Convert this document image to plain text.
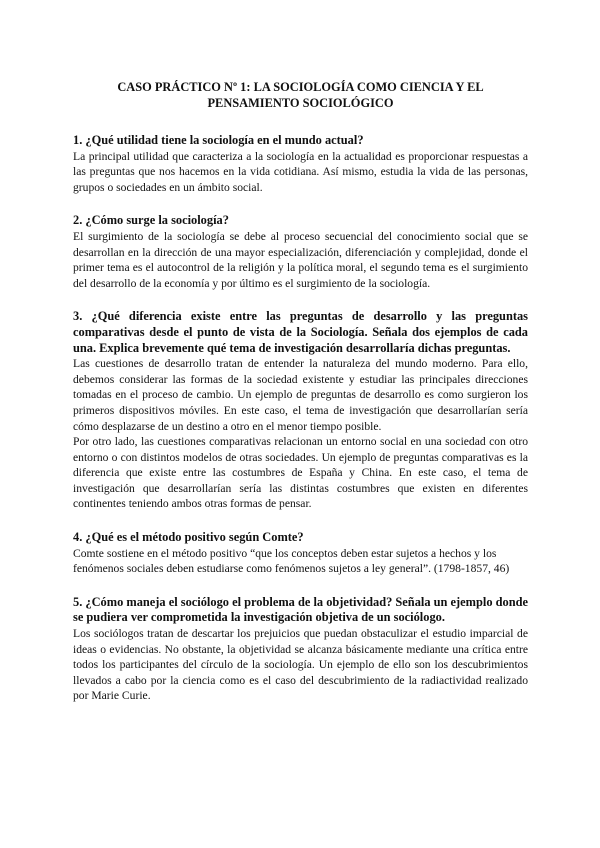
CASO PRÁCTICO Nº 1: LA SOCIOLOGÍA COMO CIENCIA Y EL PENSAMIENTO SOCIOLÓGICO

1. ¿Qué utilidad tiene la sociología en el mundo actual?

La principal utilidad que caracteriza a la sociología en la actualidad es proporcionar respuestas a las preguntas que nos hacemos en la vida cotidiana. Así mismo, estudia la vida de las personas, grupos o sociedades en un ámbito social.

2. ¿Cómo surge la sociología?

El surgimiento de la sociología se debe al proceso secuencial del conocimiento social que se desarrollan en la dirección de una mayor especialización, diferenciación y complejidad, donde el primer tema es el autocontrol de la religión y la política moral, el segundo tema es el surgimiento del desarrollo de la economía y por último es el surgimiento de la sociología.

3. ¿Qué diferencia existe entre las preguntas de desarrollo y las preguntas comparativas desde el punto de vista de la Sociología. Señala dos ejemplos de cada una. Explica brevemente qué tema de investigación desarrollaría dichas preguntas.

Las cuestiones de desarrollo tratan de entender la naturaleza del mundo moderno. Para ello, debemos considerar las formas de la sociedad existente y estudiar las principales direcciones tomadas en el proceso de cambio. Un ejemplo de preguntas de desarrollo es como surgieron los primeros dispositivos móviles. En este caso, el tema de investigación que desarrollarían sería cómo desplazarse de un destino a otro en el menor tiempo posible.

Por otro lado, las cuestiones comparativas relacionan un entorno social en una sociedad con otro entorno o con distintos modelos de otras sociedades. Un ejemplo de preguntas comparativas es la diferencia que existe entre las costumbres de España y China. En este caso, el tema de investigación que desarrollarían sería las distintas costumbres que existen en diferentes continentes teniendo ambos otras formas de pensar.

4. ¿Qué es el método positivo según Comte?

Comte sostiene en el método positivo “que los conceptos deben estar sujetos a hechos y los fenómenos sociales deben estudiarse como fenómenos sujetos a ley general”. (1798-1857, 46)

5. ¿Cómo maneja el sociólogo el problema de la objetividad? Señala un ejemplo donde se pudiera ver comprometida la investigación objetiva de un sociólogo.

Los sociólogos tratan de descartar los prejuicios que puedan obstaculizar el estudio imparcial de ideas o evidencias. No obstante, la objetividad se alcanza básicamente mediante una crítica entre todos los participantes del círculo de la sociología. Un ejemplo de ello son los descubrimientos llevados a cabo por la ciencia como es el caso del descubrimiento de la radiactividad realizado por Marie Curie.
